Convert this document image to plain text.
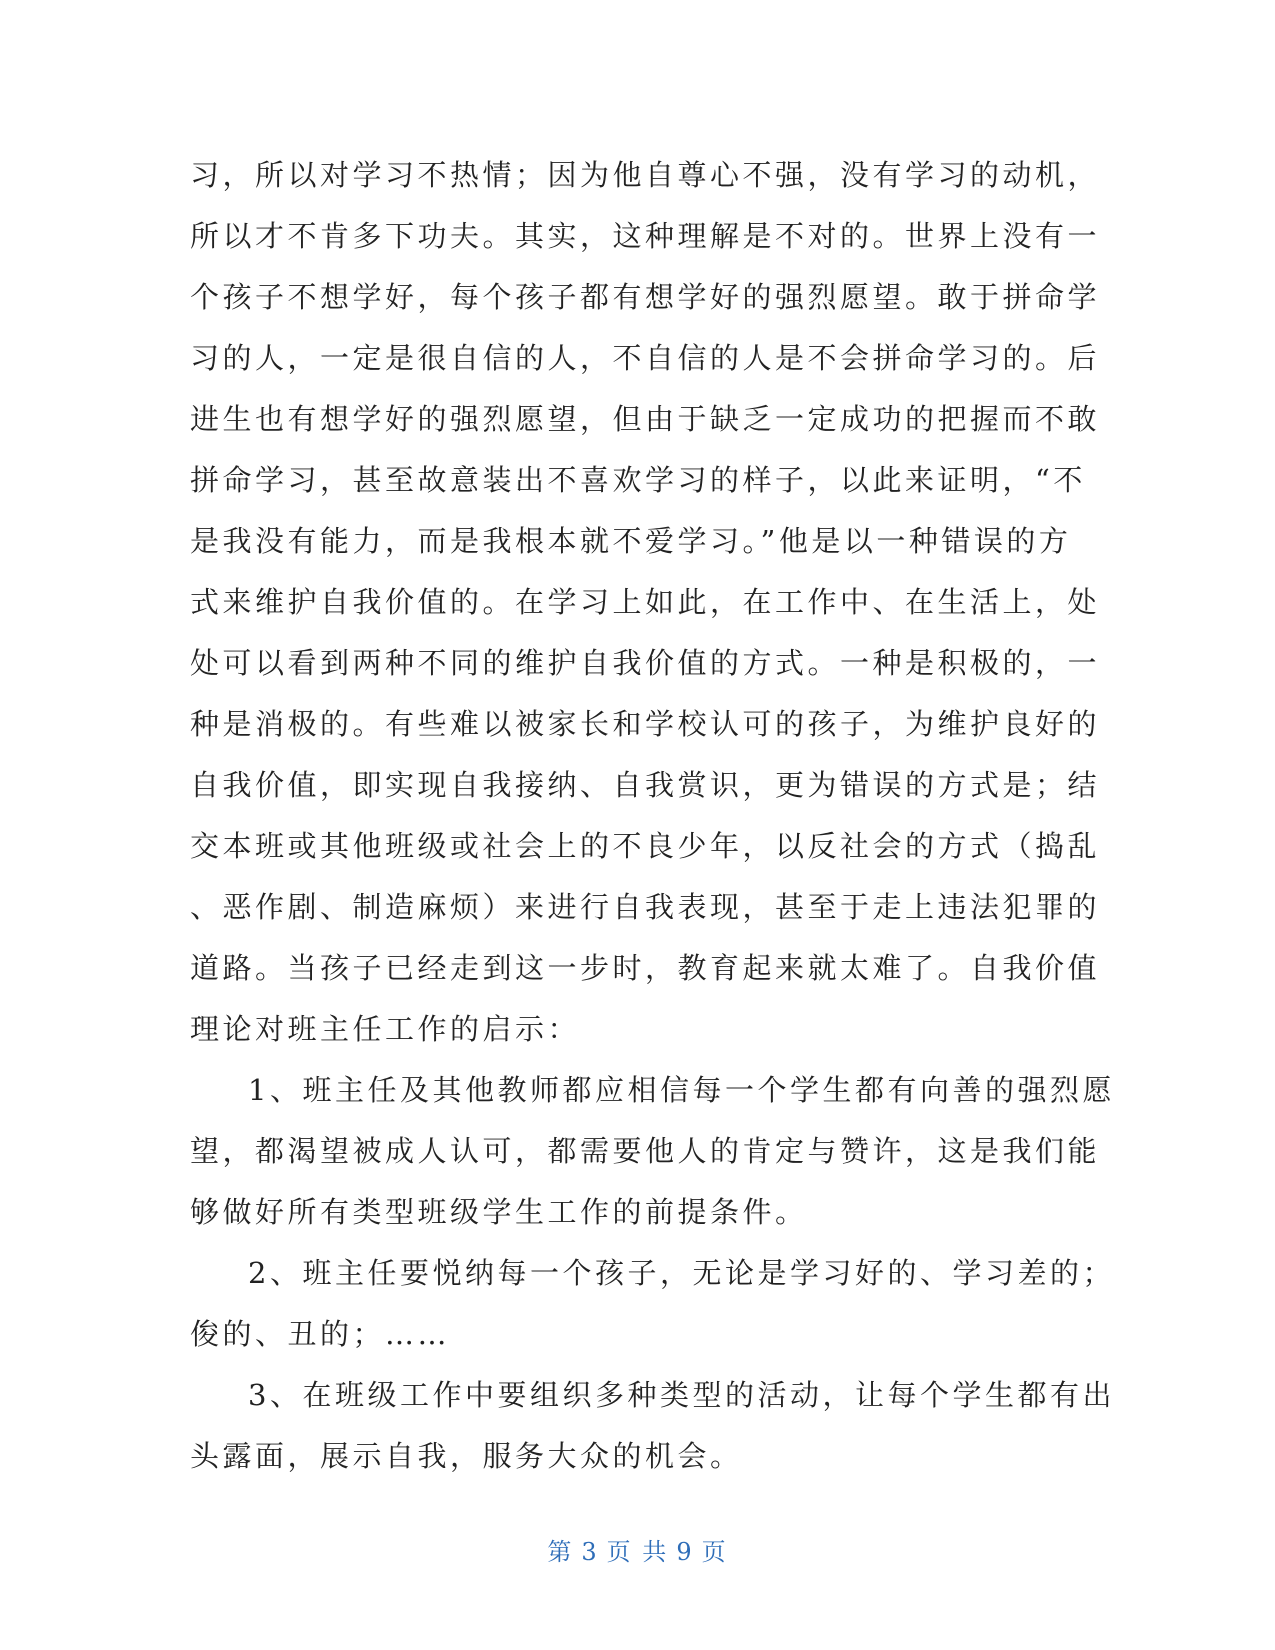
习，所以对学习不热情；因为他自尊心不强，没有学习的动机，
所以才不肯多下功夫。其实，这种理解是不对的。世界上没有一
个孩子不想学好，每个孩子都有想学好的强烈愿望。敢于拼命学
习的人，一定是很自信的人，不自信的人是不会拼命学习的。后
进生也有想学好的强烈愿望，但由于缺乏一定成功的把握而不敢
拼命学习，甚至故意装出不喜欢学习的样子，以此来证明，“不
是我没有能力，而是我根本就不爱学习。”他是以一种错误的方
式来维护自我价值的。在学习上如此，在工作中、在生活上，处
处可以看到两种不同的维护自我价值的方式。一种是积极的，一
种是消极的。有些难以被家长和学校认可的孩子，为维护良好的
自我价值，即实现自我接纳、自我赏识，更为错误的方式是；结
交本班或其他班级或社会上的不良少年，以反社会的方式（捣乱
、恶作剧、制造麻烦）来进行自我表现，甚至于走上违法犯罪的
道路。当孩子已经走到这一步时，教育起来就太难了。自我价值
理论对班主任工作的启示：
1、班主任及其他教师都应相信每一个学生都有向善的强烈愿
望，都渴望被成人认可，都需要他人的肯定与赞许，这是我们能
够做好所有类型班级学生工作的前提条件。
2、班主任要悦纳每一个孩子，无论是学习好的、学习差的；
俊的、丑的；……
3、在班级工作中要组织多种类型的活动，让每个学生都有出
头露面，展示自我，服务大众的机会。
第 3 页 共 9 页
